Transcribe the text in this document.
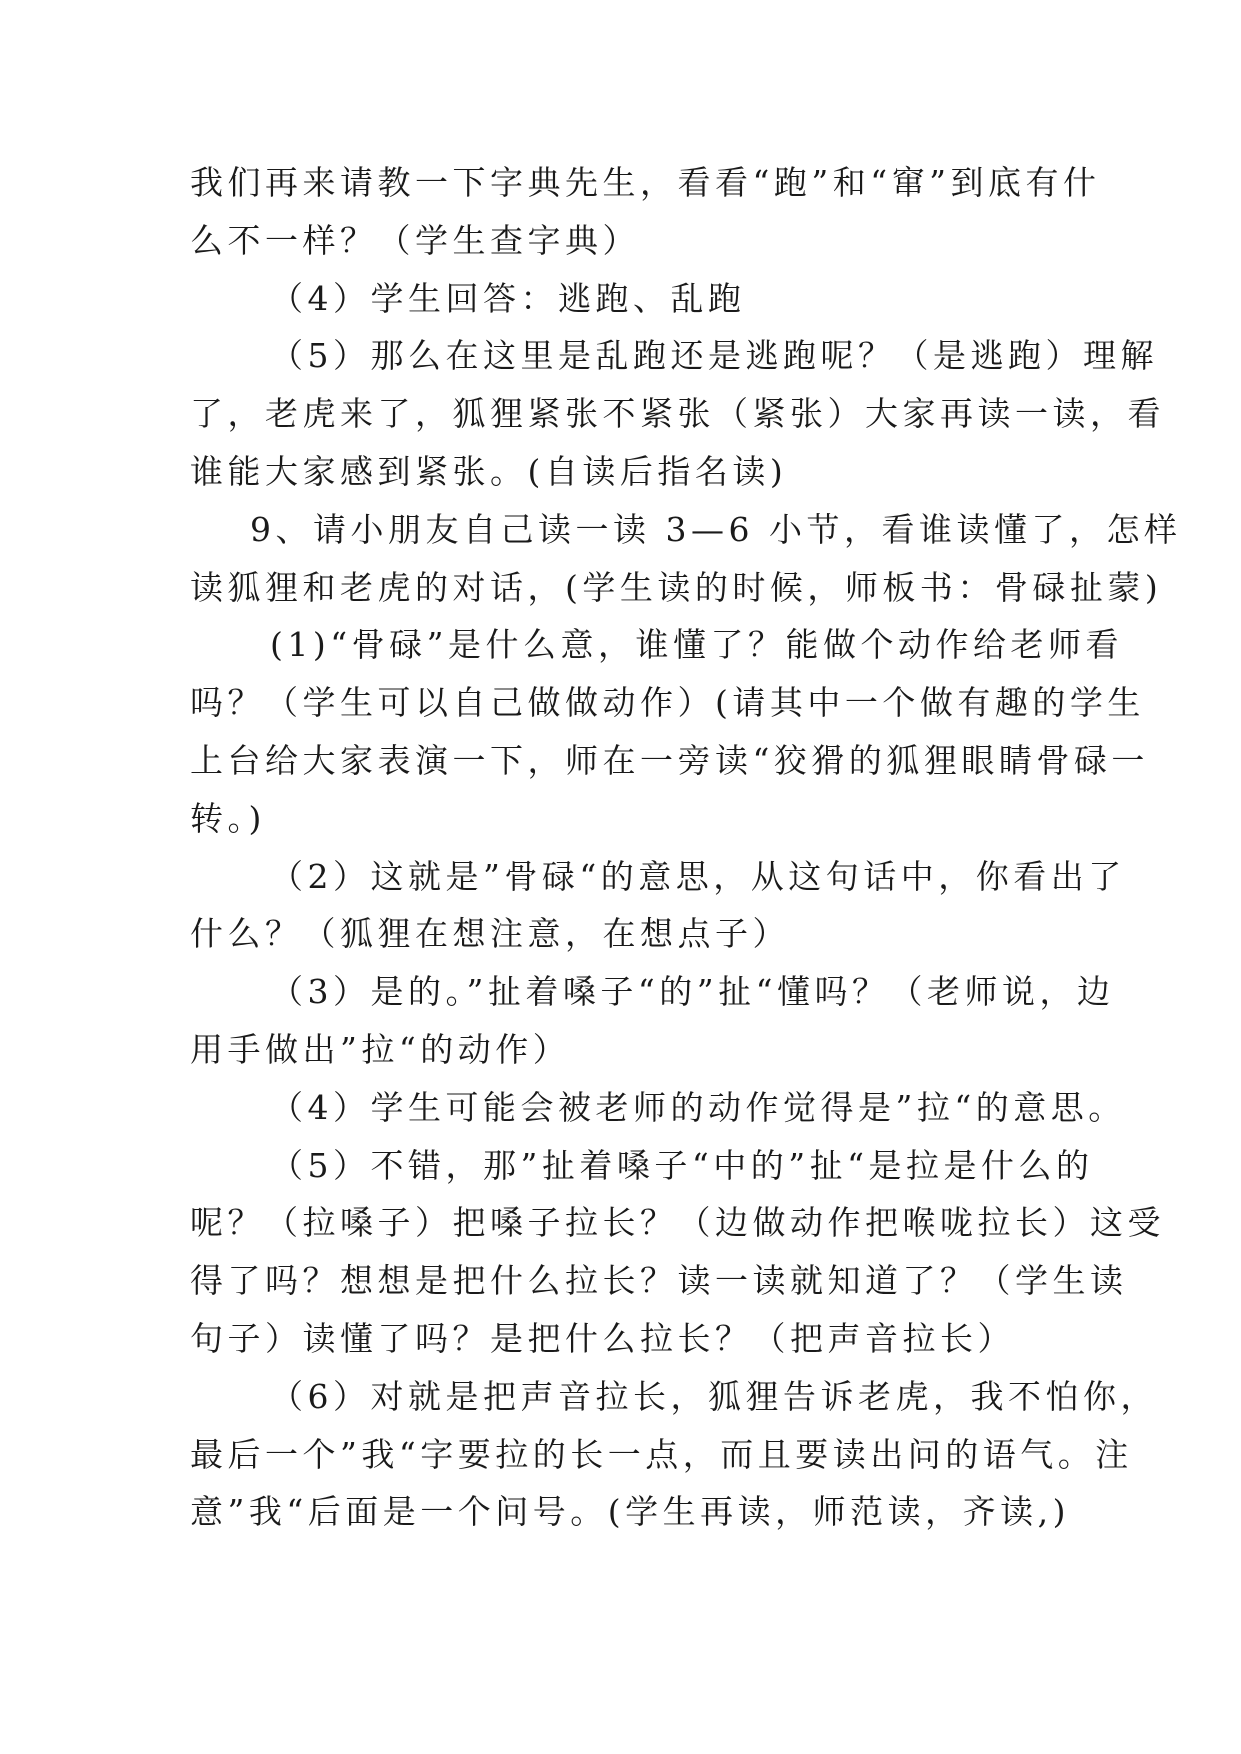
我们再来请教一下字典先生，看看“跑”和“窜”到底有什
么不一样？（学生查字典）
（4）学生回答：逃跑、乱跑
（5）那么在这里是乱跑还是逃跑呢？（是逃跑）理解
了，老虎来了，狐狸紧张不紧张（紧张）大家再读一读，看
谁能大家感到紧张。(自读后指名读)
9、请小朋友自己读一读 3—6 小节，看谁读懂了，怎样
读狐狸和老虎的对话，(学生读的时候，师板书：骨碌扯蒙)
(1)“骨碌”是什么意，谁懂了？能做个动作给老师看
吗？（学生可以自己做做动作）(请其中一个做有趣的学生
上台给大家表演一下，师在一旁读“狡猾的狐狸眼睛骨碌一
转。)
（2）这就是”骨碌“的意思，从这句话中，你看出了
什么？（狐狸在想注意，在想点子）
（3）是的。”扯着嗓子“的”扯“懂吗？（老师说，边
用手做出”拉“的动作）
（4）学生可能会被老师的动作觉得是”拉“的意思。
（5）不错，那”扯着嗓子“中的”扯“是拉是什么的
呢？（拉嗓子）把嗓子拉长？（边做动作把喉咙拉长）这受
得了吗？想想是把什么拉长？读一读就知道了？（学生读
句子）读懂了吗？是把什么拉长？（把声音拉长）
（6）对就是把声音拉长，狐狸告诉老虎，我不怕你，
最后一个”我“字要拉的长一点，而且要读出问的语气。注
意”我“后面是一个问号。(学生再读，师范读，齐读,)
